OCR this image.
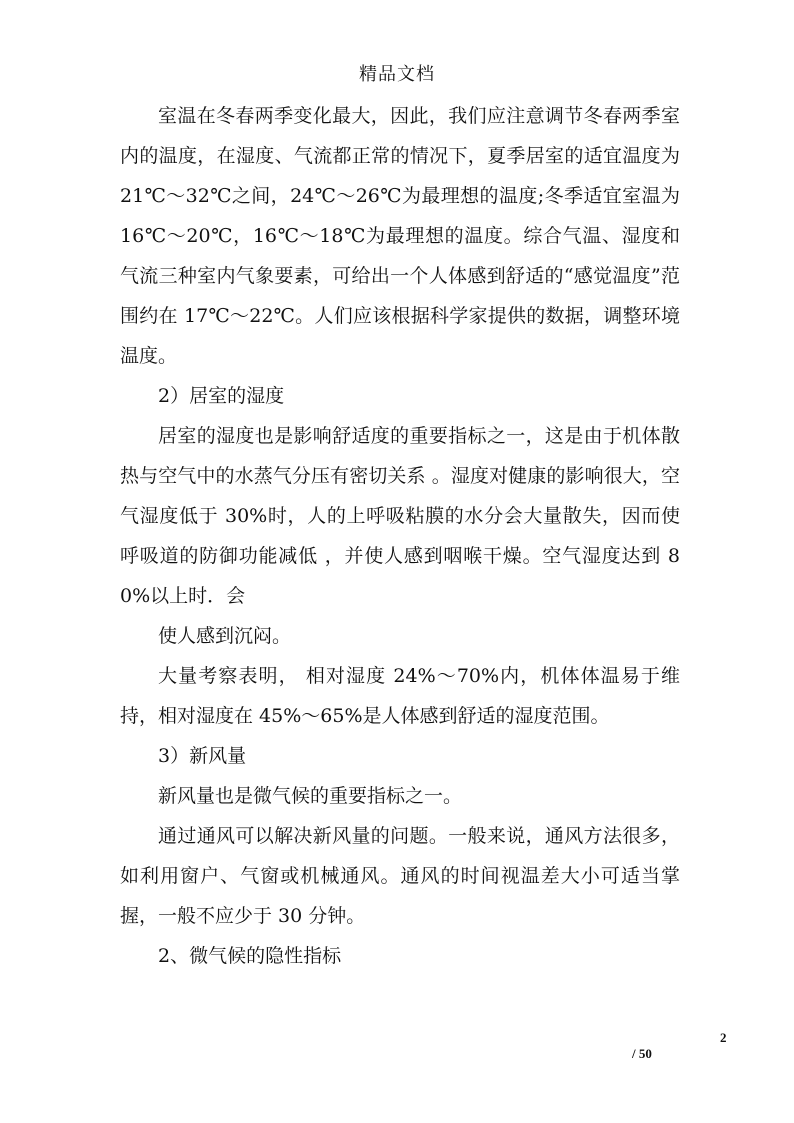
精品文档

室温在冬春两季变化最大，因此，我们应注意调节冬春两季室内的温度，在湿度、气流都正常的情况下，夏季居室的适宜温度为 21℃～32℃之间，24℃～26℃为最理想的温度;冬季适宜室温为 16℃～20℃，16℃～18℃为最理想的温度。综合气温、湿度和气流三种室内气象要素，可给出一个人体感到舒适的“感觉温度”范围约在 17℃～22℃。人们应该根据科学家提供的数据，调整环境温度。

2）居室的湿度

居室的湿度也是影响舒适度的重要指标之一，这是由于机体散热与空气中的水蒸气分压有密切关系 。湿度对健康的影响很大，空气湿度低于 30%时，人的上呼吸粘膜的水分会大量散失，因而使呼吸道的防御功能减低 ，并使人感到咽喉干燥。空气湿度达到 80%以上时．会

使人感到沉闷。

大量考察表明， 相对湿度 24%～70%内，机体体温易于维持，相对湿度在 45%～65%是人体感到舒适的湿度范围。

3）新风量

新风量也是微气候的重要指标之一。

通过通风可以解决新风量的问题。一般来说，通风方法很多，如利用窗户、气窗或机械通风。通风的时间视温差大小可适当掌握，一般不应少于 30 分钟。

2、微气候的隐性指标

2
/ 50
